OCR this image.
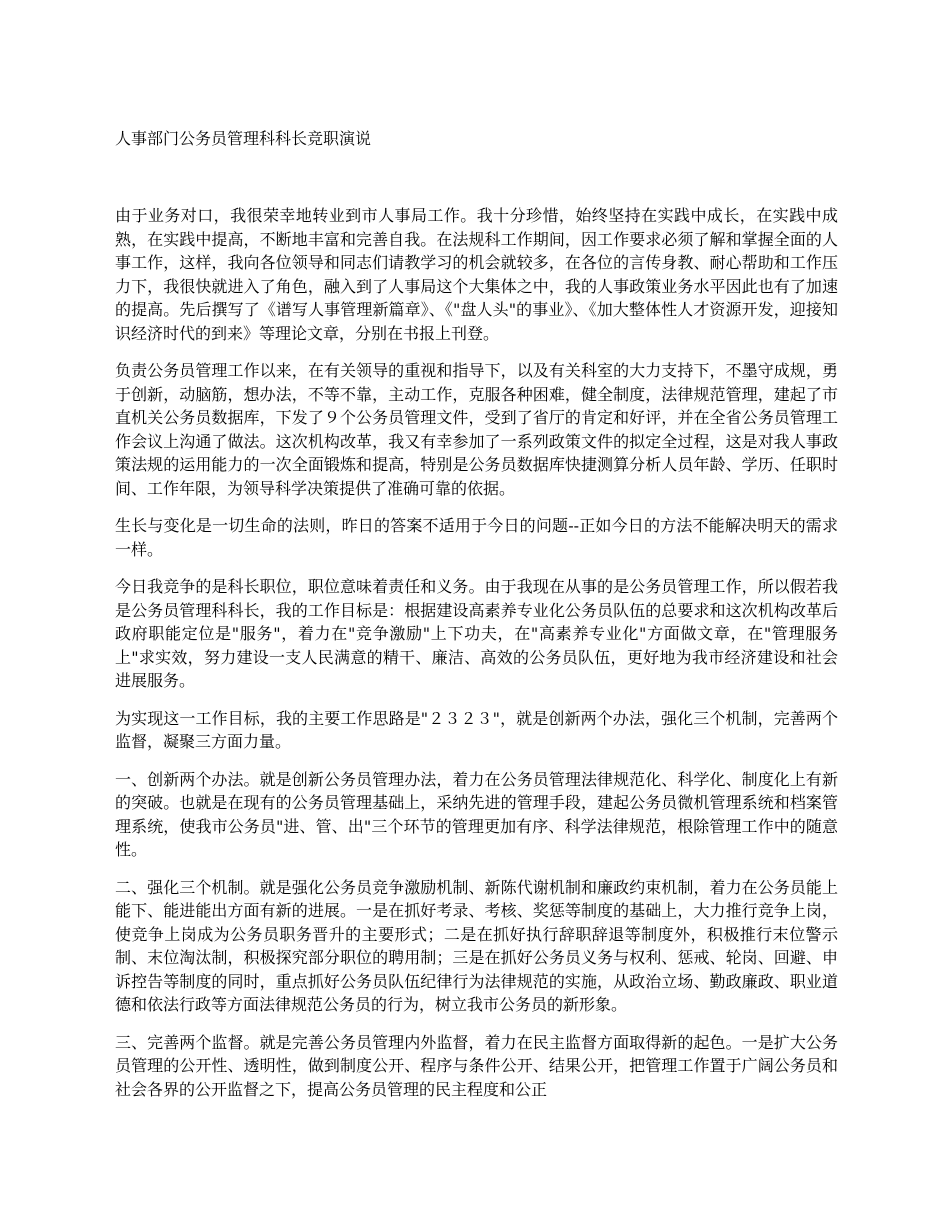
人事部门公务员管理科科长竞职演说

由于业务对口，我很荣幸地转业到市人事局工作。我十分珍惜，始终坚持在实践中成长，在实践中成熟，在实践中提高，不断地丰富和完善自我。在法规科工作期间，因工作要求必须了解和掌握全面的人事工作，这样，我向各位领导和同志们请教学习的机会就较多，在各位的言传身教、耐心帮助和工作压力下，我很快就进入了角色，融入到了人事局这个大集体之中，我的人事政策业务水平因此也有了加速的提高。先后撰写了《谱写人事管理新篇章》、《"盘人头"的事业》、《加大整体性人才资源开发，迎接知识经济时代的到来》等理论文章，分别在书报上刊登。

负责公务员管理工作以来，在有关领导的重视和指导下，以及有关科室的大力支持下，不墨守成规，勇于创新，动脑筋，想办法，不等不靠，主动工作，克服各种困难，健全制度，法律规范管理，建起了市直机关公务员数据库，下发了９个公务员管理文件，受到了省厅的肯定和好评，并在全省公务员管理工作会议上沟通了做法。这次机构改革，我又有幸参加了一系列政策文件的拟定全过程，这是对我人事政策法规的运用能力的一次全面锻炼和提高，特别是公务员数据库快捷测算分析人员年龄、学历、任职时间、工作年限，为领导科学决策提供了准确可靠的依据。

生长与变化是一切生命的法则，昨日的答案不适用于今日的问题--正如今日的方法不能解决明天的需求一样。

今日我竞争的是科长职位，职位意味着责任和义务。由于我现在从事的是公务员管理工作，所以假若我是公务员管理科科长，我的工作目标是：根据建设高素养专业化公务员队伍的总要求和这次机构改革后政府职能定位是"服务"，着力在"竞争激励"上下功夫，在"高素养专业化"方面做文章，在"管理服务上"求实效，努力建设一支人民满意的精干、廉洁、高效的公务员队伍，更好地为我市经济建设和社会进展服务。

为实现这一工作目标，我的主要工作思路是"２３２３"，就是创新两个办法，强化三个机制，完善两个监督，凝聚三方面力量。

一、创新两个办法。就是创新公务员管理办法，着力在公务员管理法律规范化、科学化、制度化上有新的突破。也就是在现有的公务员管理基础上，采纳先进的管理手段，建起公务员微机管理系统和档案管理系统，使我市公务员"进、管、出"三个环节的管理更加有序、科学法律规范，根除管理工作中的随意性。

二、强化三个机制。就是强化公务员竞争激励机制、新陈代谢机制和廉政约束机制，着力在公务员能上能下、能进能出方面有新的进展。一是在抓好考录、考核、奖惩等制度的基础上，大力推行竞争上岗，使竞争上岗成为公务员职务晋升的主要形式；二是在抓好执行辞职辞退等制度外，积极推行末位警示制、末位淘汰制，积极探究部分职位的聘用制；三是在抓好公务员义务与权利、惩戒、轮岗、回避、申诉控告等制度的同时，重点抓好公务员队伍纪律行为法律规范的实施，从政治立场、勤政廉政、职业道德和依法行政等方面法律规范公务员的行为，树立我市公务员的新形象。

三、完善两个监督。就是完善公务员管理内外监督，着力在民主监督方面取得新的起色。一是扩大公务员管理的公开性、透明性，做到制度公开、程序与条件公开、结果公开，把管理工作置于广阔公务员和社会各界的公开监督之下，提高公务员管理的民主程度和公正
